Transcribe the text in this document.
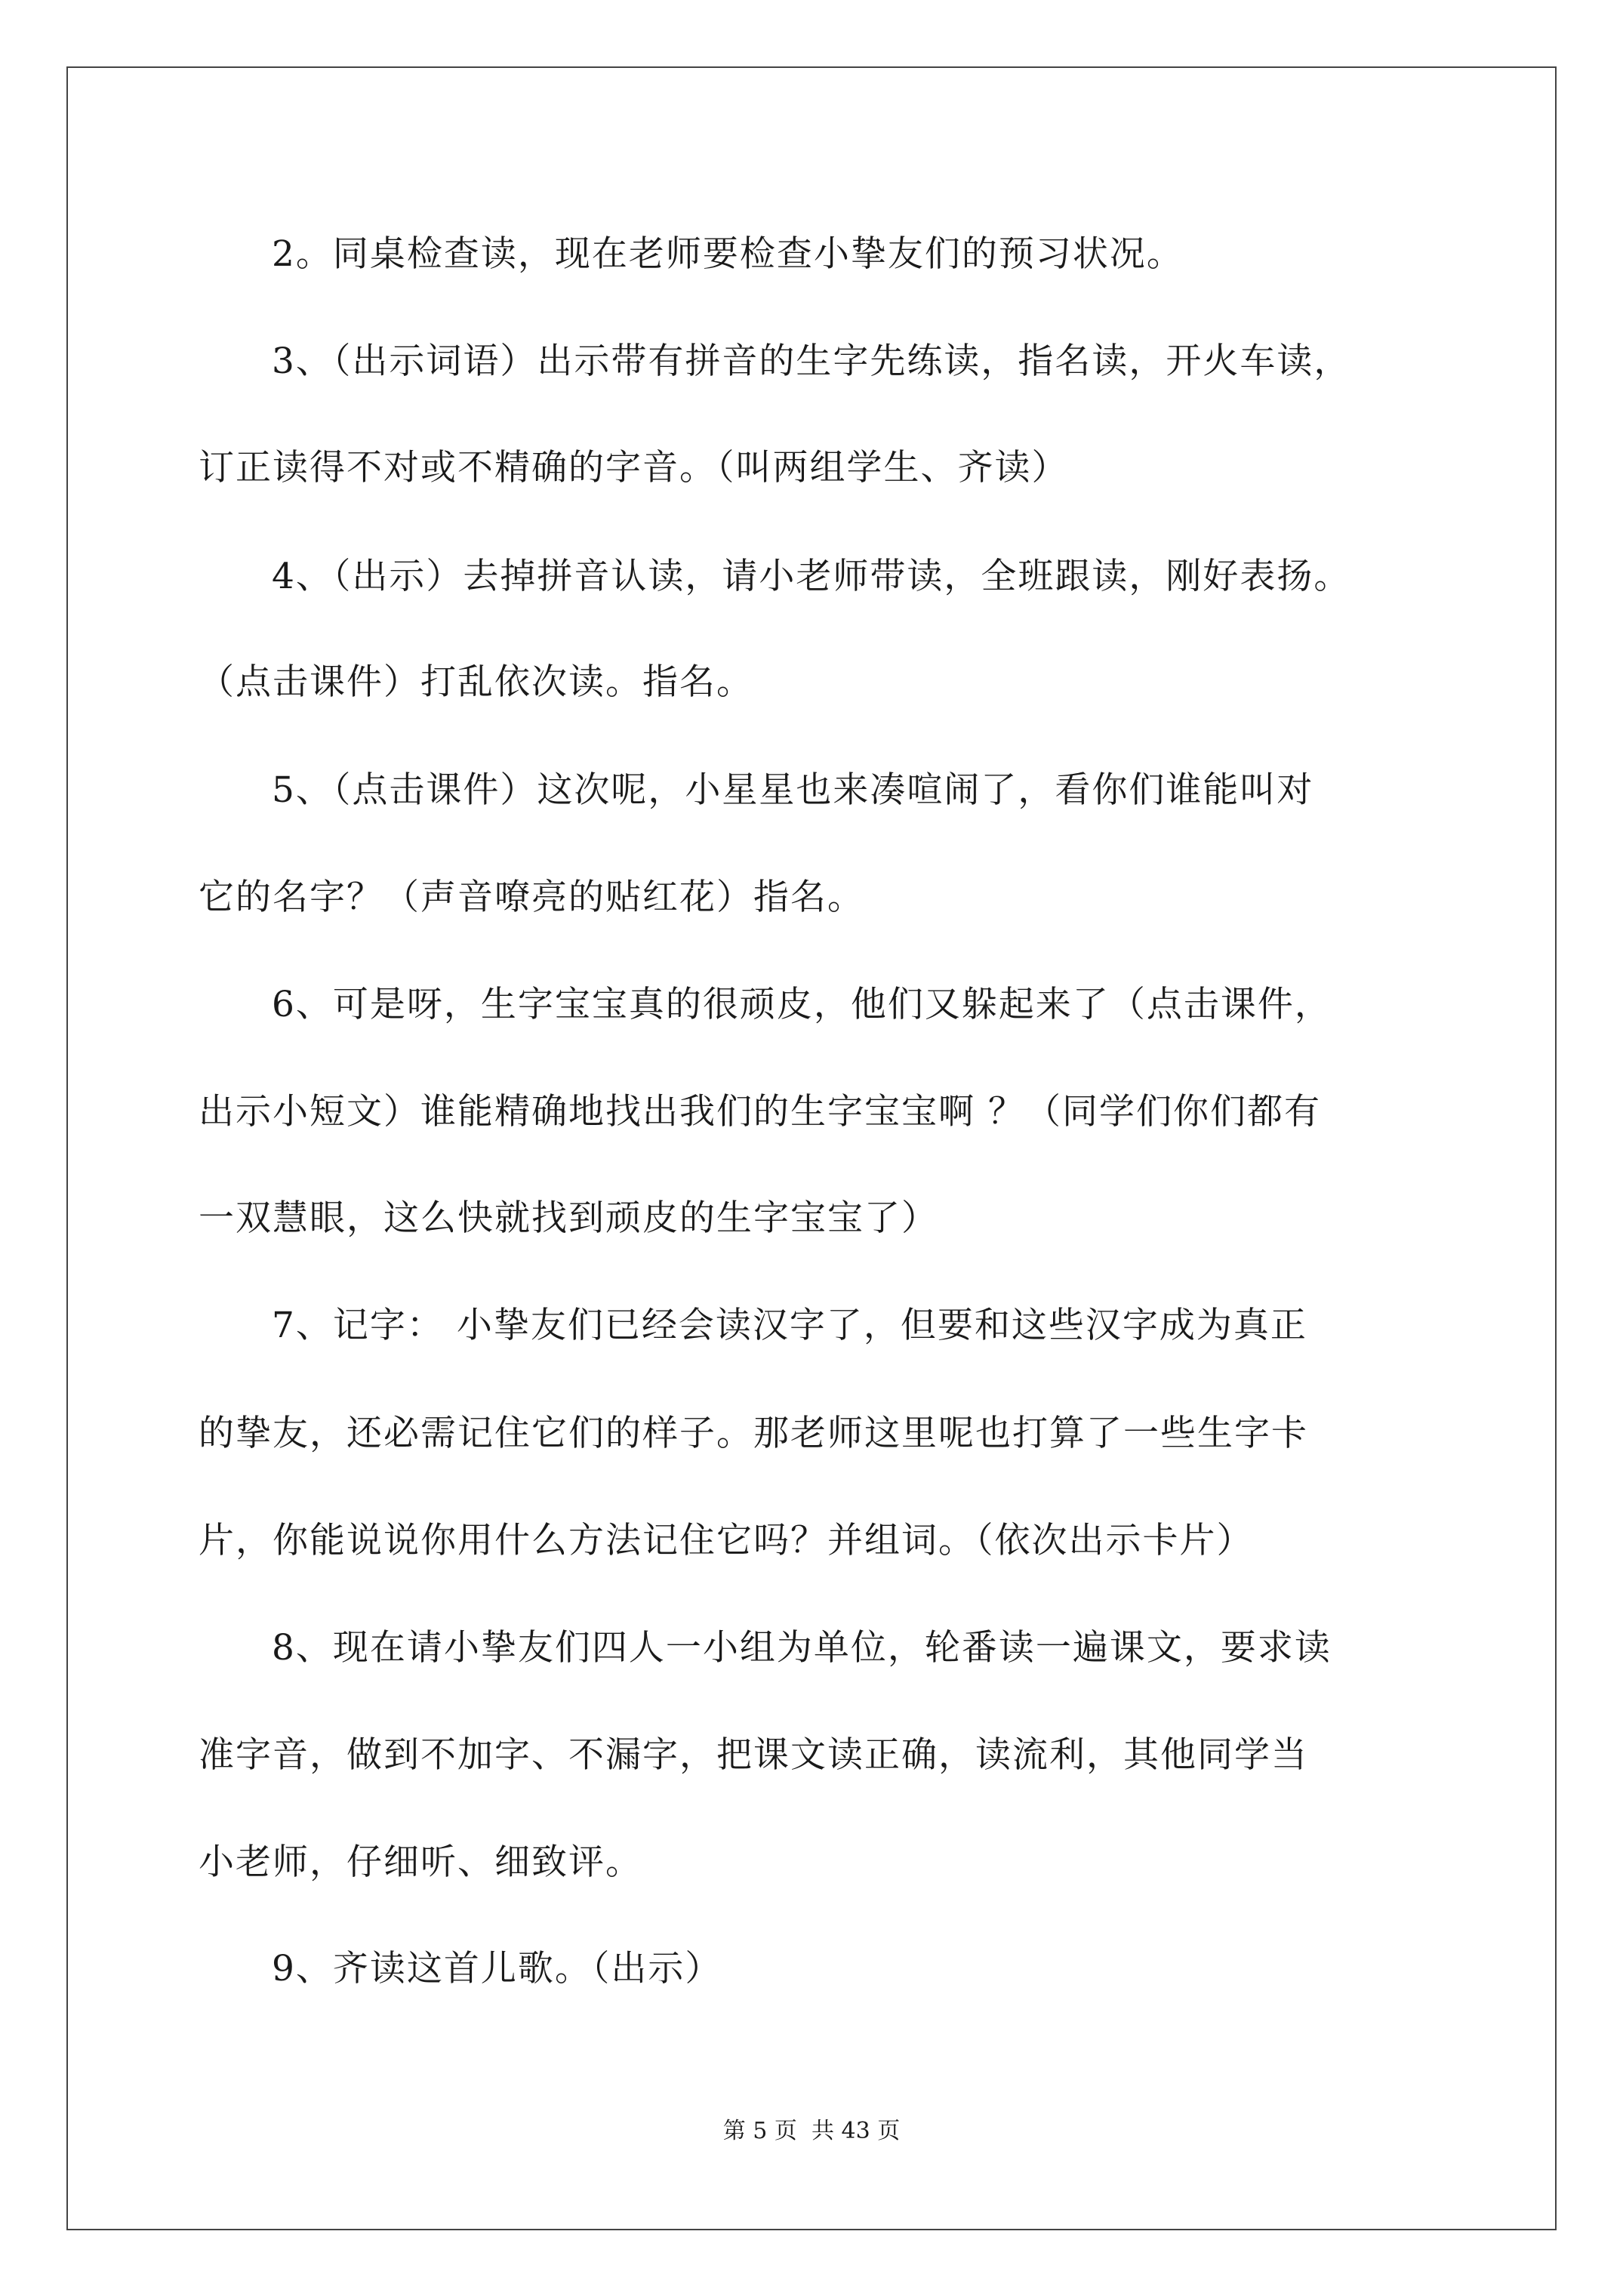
2。同桌检查读，现在老师要检查小挚友们的预习状况。
3、（出示词语）出示带有拼音的生字先练读，指名读，开火车读，
订正读得不对或不精确的字音。（叫两组学生、齐读）
4、（出示）去掉拼音认读，请小老师带读，全班跟读，刚好表扬。
（点击课件）打乱依次读。指名。
5、（点击课件）这次呢，小星星也来凑喧闹了，看你们谁能叫对
它的名字？（声音嘹亮的贴红花）指名。
6、可是呀，生字宝宝真的很顽皮，他们又躲起来了（点击课件，
出示小短文）谁能精确地找出我们的生字宝宝啊 ？（同学们你们都有
一双慧眼，这么快就找到顽皮的生字宝宝了）
7、记字： 小挚友们已经会读汉字了，但要和这些汉字成为真正
的挚友，还必需记住它们的样子。那老师这里呢也打算了一些生字卡
片，你能说说你用什么方法记住它吗？并组词。（依次出示卡片）
8、现在请小挚友们四人一小组为单位，轮番读一遍课文，要求读
准字音，做到不加字、不漏字，把课文读正确，读流利，其他同学当
小老师，仔细听、细致评。
9、齐读这首儿歌。（出示）
第 5 页  共 43 页
